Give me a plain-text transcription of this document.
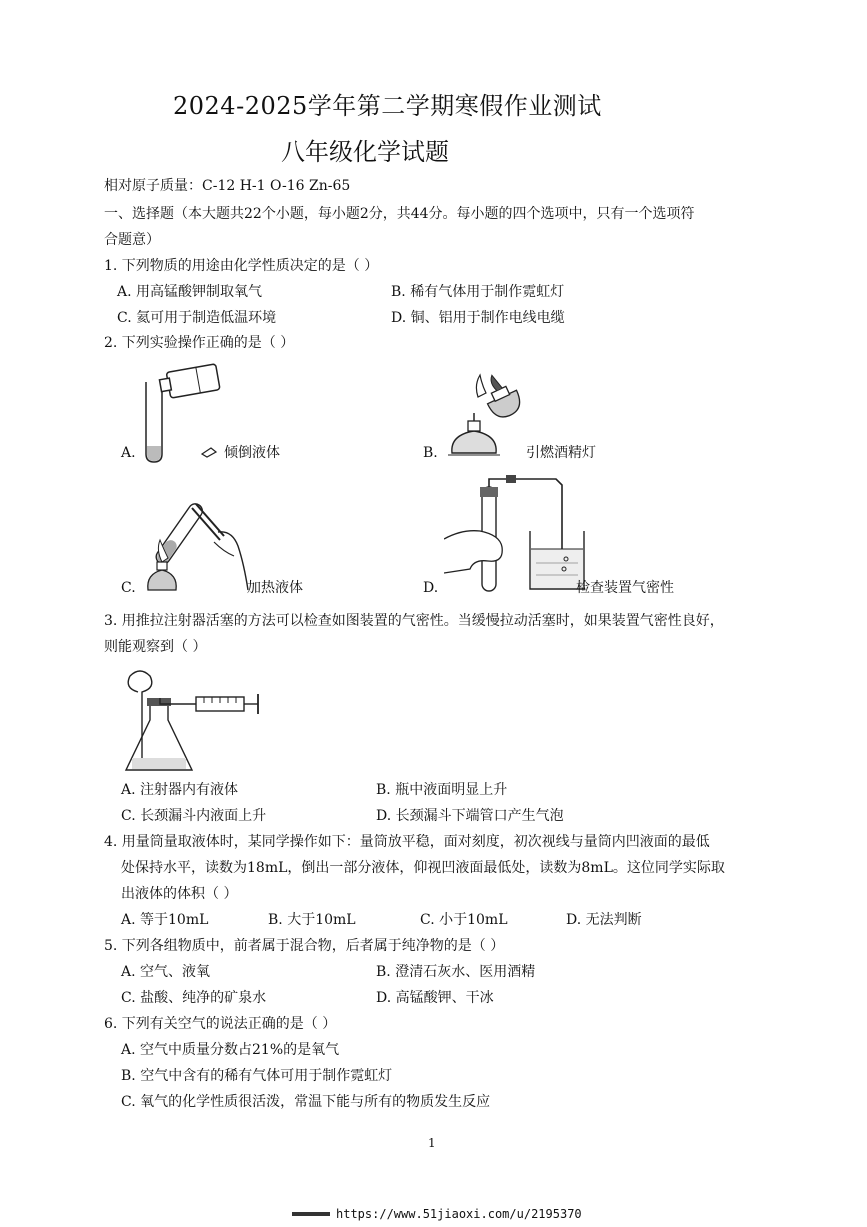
2024-2025学年第二学期寒假作业测试
八年级化学试题
相对原子质量：C-12 H-1 O-16 Zn-65
一、选择题（本大题共22个小题，每小题2分，共44分。每小题的四个选项中，只有一个选项符
合题意）
1. 下列物质的用途由化学性质决定的是（ ）
A. 用高锰酸钾制取氧气	B. 稀有气体用于制作霓虹灯
C. 氦可用于制造低温环境	D. 铜、铝用于制作电线电缆
2. 下列实验操作正确的是（ ）
A.	倾倒液体	B.	引燃酒精灯
C.	加热液体	D.	检查装置气密性
3. 用推拉注射器活塞的方法可以检查如图装置的气密性。当缓慢拉动活塞时，如果装置气密性良好，
则能观察到（ ）
A. 注射器内有液体	B. 瓶中液面明显上升
C. 长颈漏斗内液面上升	D. 长颈漏斗下端管口产生气泡
4. 用量筒量取液体时，某同学操作如下：量筒放平稳，面对刻度，初次视线与量筒内凹液面的最低
处保持水平，读数为18mL，倒出一部分液体，仰视凹液面最低处，读数为8mL。这位同学实际取
出液体的体积（ ）
A. 等于10mL	B. 大于10mL	C. 小于10mL	D. 无法判断
5. 下列各组物质中，前者属于混合物，后者属于纯净物的是（ ）
A. 空气、液氧	B. 澄清石灰水、医用酒精
C. 盐酸、纯净的矿泉水	D. 高锰酸钾、干冰
6. 下列有关空气的说法正确的是（ ）
A. 空气中质量分数占21%的是氧气
B. 空气中含有的稀有气体可用于制作霓虹灯
C. 氧气的化学性质很活泼，常温下能与所有的物质发生反应
1
https://www.51jiaoxi.com/u/2195370
